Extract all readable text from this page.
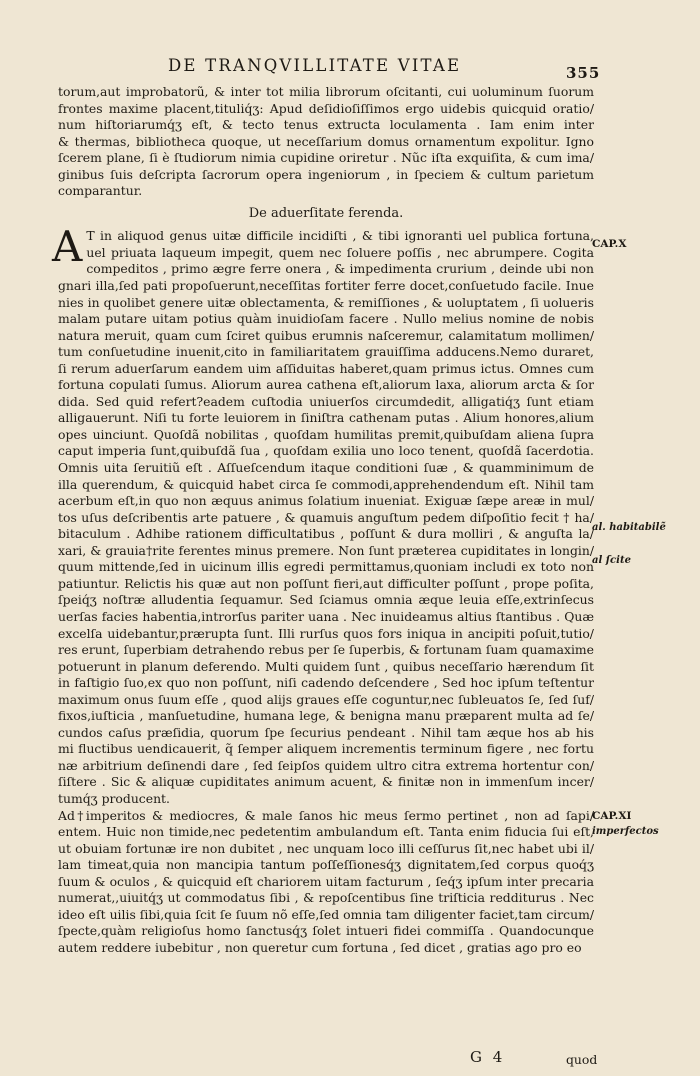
DE TRANQVILLITATE VITAE	355
torum,aut improbatorũ, & inter tot milia librorum oſcitanti, cui uoluminum ſuorum
frontes maxime placent,tituliq́ʒ: Apud deſidioſiſſimos ergo uidebis quicquid oratio/
num hiſtoriarumq́ʒ eſt, & tecto tenus extructa loculamenta . Iam enim inter
& thermas, bibliotheca quoque, ut neceſſarium domus ornamentum expolitur. Igno
ſcerem plane, ſi è ſtudiorum nimia cupidine oriretur . Nũc iſta exquiſita, & cum ima/
ginibus ſuis deſcripta ſacrorum opera ingeniorum , in ſpeciem & cultum parietum
comparantur.
De aduerſitate ferenda.
A T in aliquod genus uitæ difficile incidiſti , & tibi ignoranti uel publica fortuna,
uel priuata laqueum impegit, quem nec ſoluere poſſis , nec abrumpere. Cogita
compeditos , primo ægre ferre onera , & impedimenta crurium , deinde ubi non
gnari illa,ſed pati propoſuerunt,neceſſitas fortiter ferre docet,conſuetudo facile. Inue
nies in quolibet genere uitæ oblectamenta, & remiſſiones , & uoluptatem , ſi uolueris
malam putare uitam potius quàm inuidioſam facere . Nullo melius nomine de nobis
natura meruit, quam cum ſciret quibus erumnis naſceremur, calamitatum mollimen/
tum conſuetudine inuenit,cito in familiaritatem grauiſſima adducens.Nemo duraret,
ſi rerum aduerſarum eandem uim aſſiduitas haberet,quam primus ictus. Omnes cum
fortuna copulati ſumus. Aliorum aurea cathena eſt,aliorum laxa, aliorum arcta & ſor
dida. Sed quid refert?eadem cuſtodia uniuerſos circumdedit, alligatiq́ʒ ſunt etiam
alligauerunt. Niſi tu forte leuiorem in ſiniſtra cathenam putas . Alium honores,alium
opes uinciunt. Quoſdã nobilitas , quoſdam humilitas premit,quibuſdam aliena ſupra
caput imperia ſunt,quibuſdã ſua , quoſdam exilia uno loco tenent, quoſdã ſacerdotia.
Omnis uita ſeruitiũ eſt . Aſſueſcendum itaque conditioni ſuæ , & quamminimum de
illa querendum, & quicquid habet circa ſe commodi,apprehendendum eſt. Nihil tam
acerbum eſt,in quo non æquus animus ſolatium inueniat. Exiguæ ſæpe areæ in mul/
tos uſus deſcribentis arte patuere , & quamuis anguſtum pedem diſpoſitio fecit † ha/
bitaculum . Adhibe rationem difficultatibus , poſſunt & dura molliri , & anguſta la/
xari, & grauia†rite ferentes minus premere. Non ſunt præterea cupiditates in longin/
quum mittende,ſed in uicinum illis egredi permittamus,quoniam includi ex toto non
patiuntur. Relictis his quæ aut non poſſunt fieri,aut difficulter poſſunt , prope poſita,
ſpeiq́ʒ noſtræ alludentia ſequamur. Sed ſciamus omnia æque leuia eſſe,extrinſecus
uerſas facies habentia,introrſus pariter uana . Nec inuideamus altius ſtantibus . Quæ
excelſa uidebantur,prærupta ſunt. Illi rurſus quos fors iniqua in ancipiti poſuit,tutio/
res erunt, ſuperbiam detrahendo rebus per ſe ſuperbis, & fortunam ſuam quamaxime
potuerunt in planum deferendo. Multi quidem ſunt , quibus neceſſario hærendum ſit
in faſtigio ſuo,ex quo non poſſunt, niſi cadendo deſcendere , Sed hoc ipſum teſtentur
maximum onus ſuum eſſe , quod alijs graues eſſe coguntur,nec ſubleuatos ſe, ſed ſuf/
fixos,iuſticia , manſuetudine, humana lege, & benigna manu præparent multa ad ſe/
cundos caſus præſidia, quorum ſpe ſecurius pendeant . Nihil tam æque hos ab his
mi fluctibus uendicauerit, q̃ ſemper aliquem incrementis terminum figere , nec fortu
næ arbitrium deſinendi dare , ſed ſeipſos quidem ultro citra extrema hortentur con/
ſiſtere . Sic & aliquæ cupiditates animum acuent, & finitæ non in immenſum incer/
tumq́ʒ producent.
Ad†imperitos & mediocres, & male ſanos hic meus ſermo pertinet , non ad ſapi/
entem. Huic non timide,nec pedetentim ambulandum eſt. Tanta enim fiducia ſui eſt,
ut obuiam fortunæ ire non dubitet , nec unquam loco illi ceſſurus ſit,nec habet ubi il/
lam timeat,quia non mancipia tantum poſſeſſionesq́ʒ dignitatem,ſed corpus quoq́ʒ
ſuum & oculos , & quicquid eſt chariorem uitam facturum , ſeq́ʒ ipſum inter precaria
numerat,,uiuitq́ʒ ut commodatus ſibi , & repoſcentibus ſine triſticia redditurus . Nec
ideo eſt uilis ſibi,quia ſcit ſe ſuum nõ eſſe,ſed omnia tam diligenter faciet,tam circum/
ſpecte,quàm religioſus homo ſanctusq́ʒ ſolet intueri fidei commiſſa . Quandocunque
autem reddere iubebitur , non queretur cum fortuna , ſed dicet , gratias ago pro eo
CAP.X
al. habitabilẽ
al ſcite
CAP.XI
imperfectos
G 4	quod
